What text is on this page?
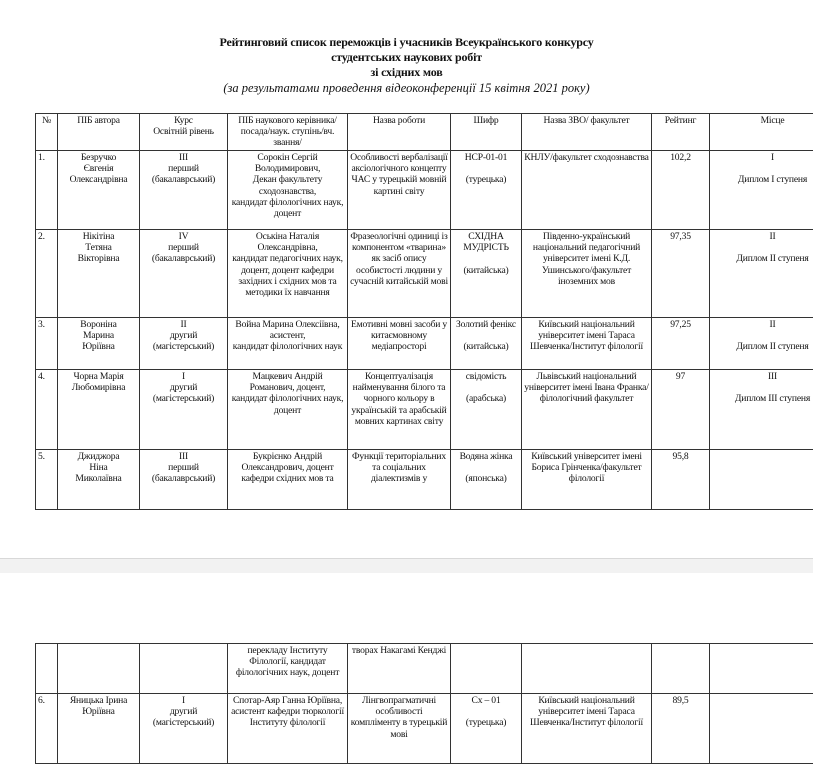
Рейтинговий список переможців і учасників Всеукраїнського конкурсу
студентських наукових робіт
зі східних мов
(за результатами проведення відеоконференції 15 квітня 2021 року)
№	ПІБ автора	Курс
Освітній рівень	ПІБ наукового керівника/посада/наук. ступінь/вч. звання/	Назва роботи	Шифр	Назва ЗВО/ факультет	Рейтинг	Місце
1.	Безручко
Євгенія
Олександрівна	ІІІ
перший
(бакалаврський)	Сорокін Сергій Володимирович,
Декан факультету сходознавства,
кандидат філологічних наук, доцент	Особливості вербалізації аксіологічного концепту ЧАС у турецькій мовній картині світу	НСР-01-01

(турецька)	КНЛУ/факультет сходознавства	102,2	I

Диплом I ступеня
2.	Нікітіна
Тетяна
Вікторівна	ІV
перший
(бакалаврський)	Оськіна Наталія Олександрівна,
кандидат педагогічних наук, доцент, доцент кафедри західних і східних мов та методики їх навчання	Фразеологічні одиниці із компонентом «тварина» як засіб опису особистості людини у сучасній китайській мові	СХІДНА МУДРІСТЬ

(китайська)	Південно-український національний педагогічний університет імені К.Д. Ушинського/факультет іноземних мов	97,35	II

Диплом II ступеня
3.	Вороніна
Марина
Юріївна	II
другий
(магістерський)	Война Марина Олексіївна, асистент,
кандидат філологічних наук	Емотивні мовні засоби у китаємовному медіапросторі	Золотий фенікс

(китайська)	Київський національний університет імені Тараса Шевченка/Інститут філології	97,25	II

Диплом II ступеня
4.	Чорна Марія Любомирівна	I
другий
(магістерський)	Мацкевич Андрій Романович, доцент,
кандидат філологічних наук, доцент	Концептуалізація найменування білого та чорного кольору в українській та арабській мовних картинах світу	свідомість

(арабська)	Львівський національний університет імені Івана Франка/філологічний факультет	97	III

Диплом III ступеня
5.	Джиджора
Ніна
Миколаївна	ІІІ
перший
(бакалаврський)	Букрієнко Андрій Олександрович, доцент кафедри східних мов та	Функції територіальних та соціальних діалектизмів у	Водяна жінка

(японська)	Київський університет імені Бориса Грінченка/факультет філології	95,8	
			перекладу Інституту Філології, кандидат філологічних наук, доцент	творах Накагамі Кенджі				
6.	Яницька Ірина Юріївна	I
другий
(магістерський)	Спотар-Аяр Ганна Юріївна, асистент кафедри тюркології Інституту філології	Лінгвопрагматичні особливості компліменту в турецькій мові	Сх – 01

(турецька)	Київський національний університет імені Тараса Шевченка/Інститут філології	89,5	
